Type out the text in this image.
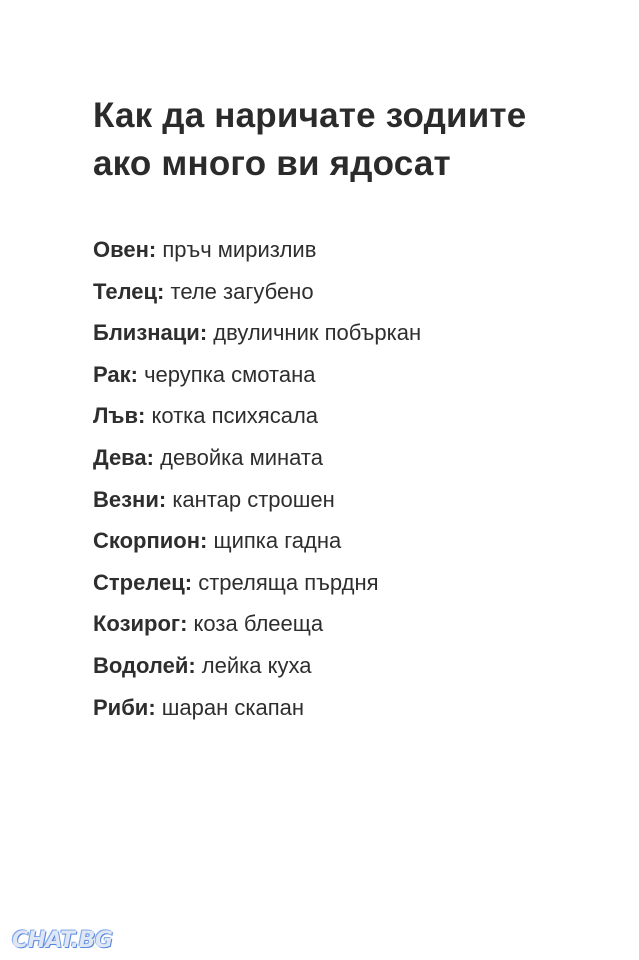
Как да наричате зодиите
ако много ви ядосат
Овен: пръч миризлив
Телец: теле загубено
Близнаци: двуличник побъркан
Рак: черупка смотана
Лъв: котка психясала
Дева: девойка мината
Везни: кантар строшен
Скорпион: щипка гадна
Стрелец: стреляща пърдня
Козирог: коза блееща
Водолей: лейка куха
Риби: шаран скапан
CHAT.BG
